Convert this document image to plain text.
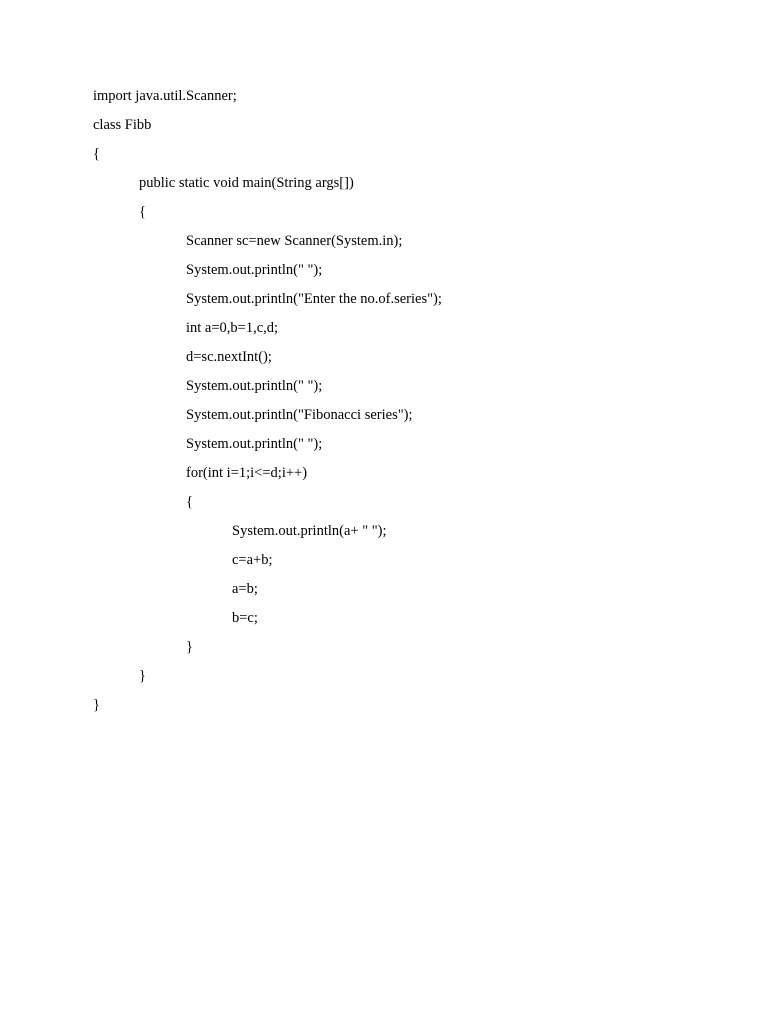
import java.util.Scanner;
class Fibb
{
public static void main(String args[])
{
Scanner sc=new Scanner(System.in);
System.out.println(" ");
System.out.println("Enter the no.of.series");
int a=0,b=1,c,d;
d=sc.nextInt();
System.out.println(" ");
System.out.println("Fibonacci series");
System.out.println(" ");
for(int i=1;i<=d;i++)
{
System.out.println(a+ " ");
c=a+b;
a=b;
b=c;
}
}
}
